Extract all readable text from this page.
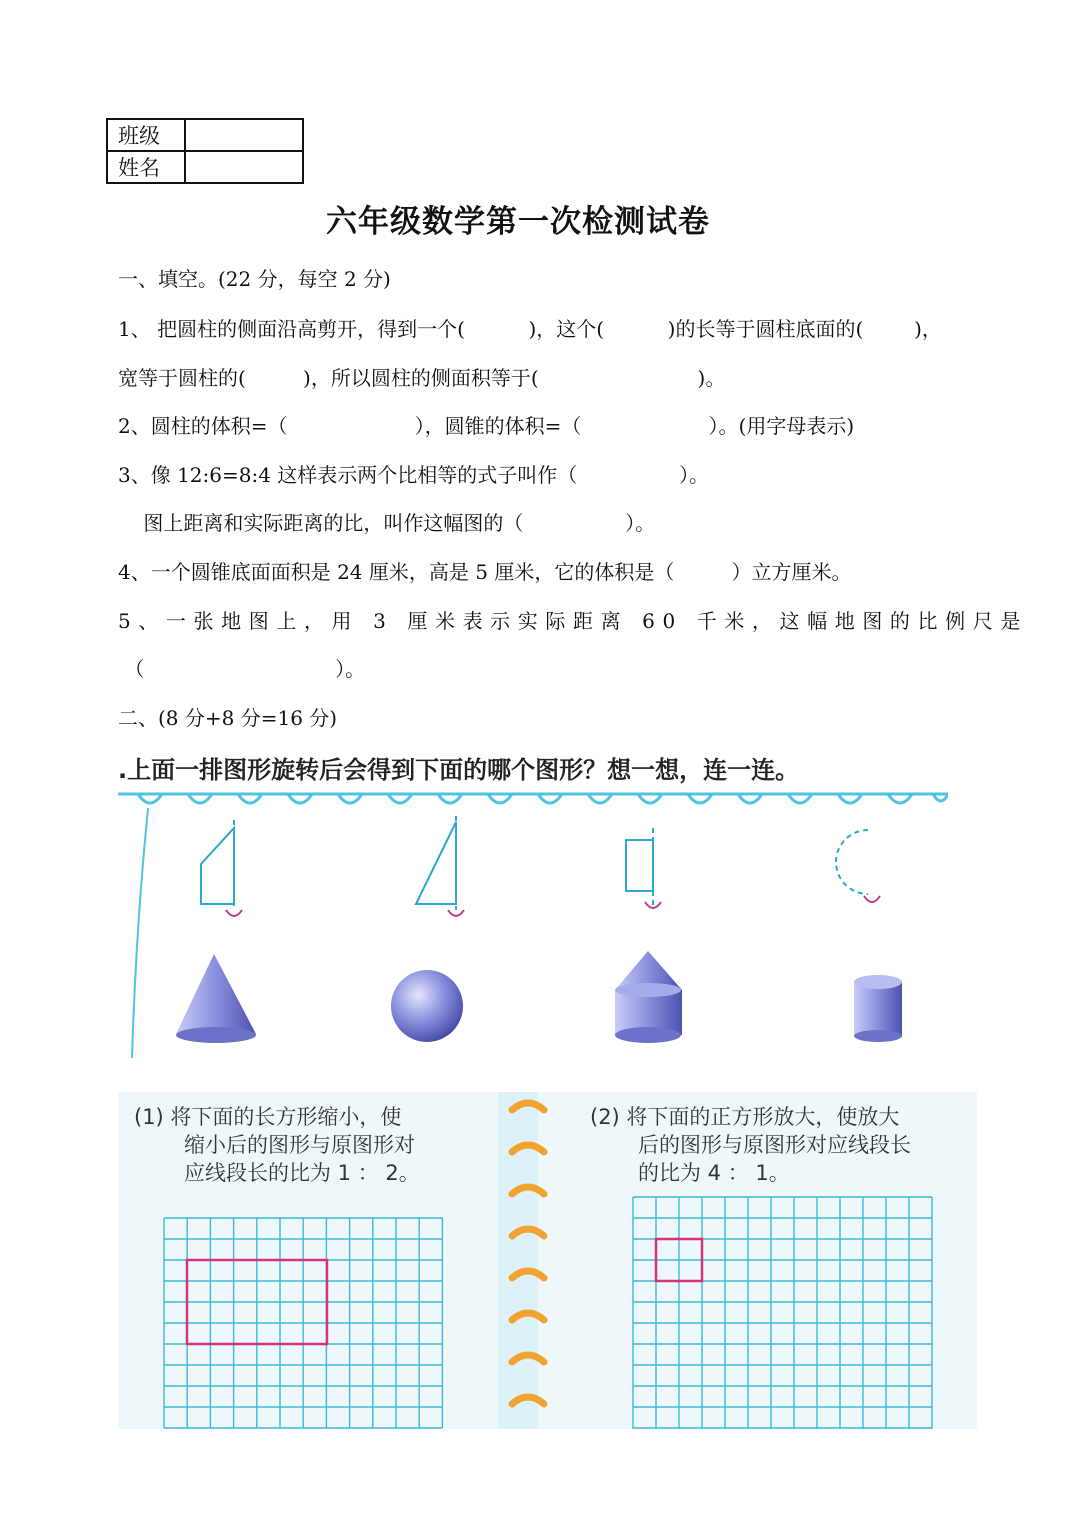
班级	
姓名	
六年级数学第一次检测试卷
一、填空。(22 分，每空 2 分)
1、 把圆柱的侧面沿高剪开，得到一个(          )，这个(          )的长等于圆柱底面的(        )，
宽等于圆柱的(         )，所以圆柱的侧面积等于(                         )。
2、圆柱的体积=（                    ），圆锥的体积=（                    ）。(用字母表示)
3、像 12:6=8:4 这样表示两个比相等的式子叫作（                ）。
图上距离和实际距离的比，叫作这幅图的（                ）。
4、一个圆锥底面面积是 24 厘米，高是 5 厘米，它的体积是（         ）立方厘米。
5、一张地图上，用 3 厘米表示实际距离 60 千米，这幅地图的比例尺是
（                              ）。
二、(8 分+8 分=16 分)
.上面一排图形旋转后会得到下面的哪个图形？想一想，连一连。
(1) 将下面的长方形缩小，使
缩小后的图形与原图形对
应线段长的比为 1 ： 2。
(2) 将下面的正方形放大，使放大
后的图形与原图形对应线段长
的比为 4 ： 1。
